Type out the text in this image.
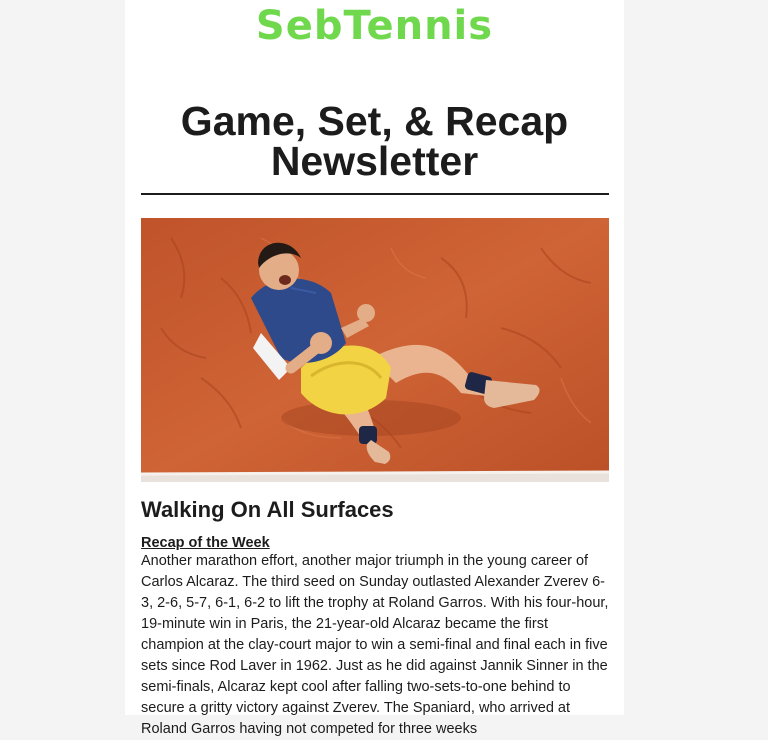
SebTennis
Game, Set, & Recap
Newsletter
Walking On All Surfaces
Recap of the Week

Another marathon effort, another major triumph in the young career of Carlos Alcaraz. The third seed on Sunday outlasted Alexander Zverev 6-3, 2-6, 5-7, 6-1, 6-2 to lift the trophy at Roland Garros. With his four-hour, 19-minute win in Paris, the 21-year-old Alcaraz became the first champion at the clay-court major to win a semi-final and final each in five sets since Rod Laver in 1962. Just as he did against Jannik Sinner in the semi-finals, Alcaraz kept cool after falling two-sets-to-one behind to secure a gritty victory against Zverev. The Spaniard, who arrived at Roland Garros having not competed for three weeks
